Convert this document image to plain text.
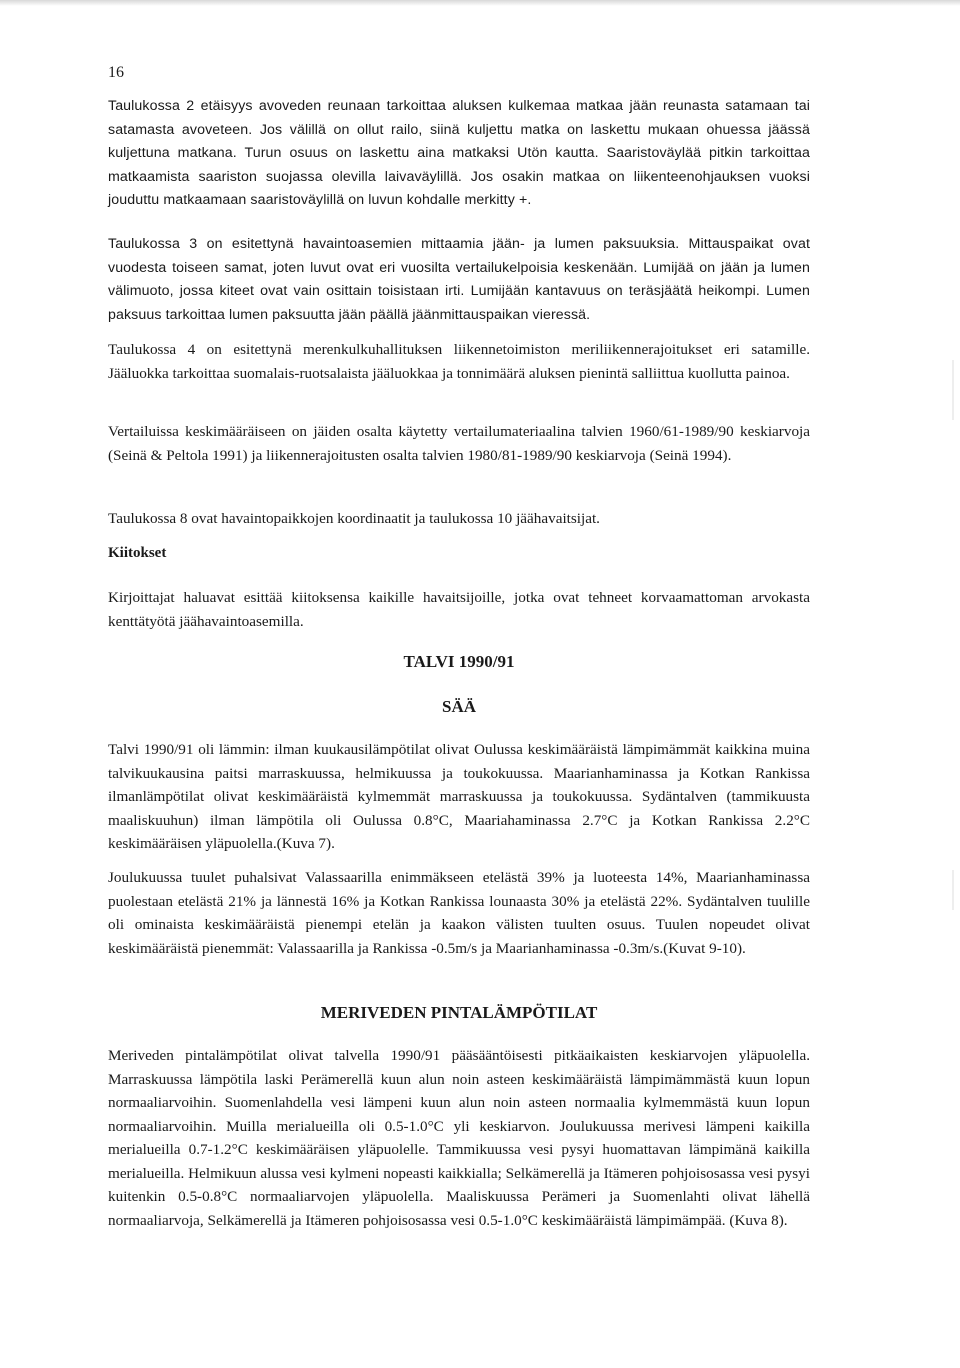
16

Taulukossa 2 etäisyys avoveden reunaan tarkoittaa aluksen kulkemaa matkaa jään reunasta satamaan tai satamasta avoveteen. Jos välillä on ollut railo, siinä kuljettu matka on laskettu mukaan ohuessa jäässä kuljettuna matkana. Turun osuus on laskettu aina matkaksi Utön kautta. Saaristoväylää pitkin tarkoittaa matkaamista saariston suojassa olevilla laivaväylillä. Jos osakin matkaa on liikenteenohjauksen vuoksi jouduttu matkaamaan saaristoväylillä on luvun kohdalle merkitty +.

Taulukossa 3 on esitettynä havaintoasemien mittaamia jään- ja lumen paksuuksia. Mittauspaikat ovat vuodesta toiseen samat, joten luvut ovat eri vuosilta vertailukelpoisia keskenään. Lumijää on jään ja lumen välimuoto, jossa kiteet ovat vain osittain toisistaan irti. Lumijään kantavuus on teräsjäätä heikompi. Lumen paksuus tarkoittaa lumen paksuutta jään päällä jäänmittauspaikan vieressä.

Taulukossa 4 on esitettynä merenkulkuhallituksen liikennetoimiston meriliikennerajoitukset eri satamille. Jääluokka tarkoittaa suomalais-ruotsalaista jääluokkaa ja tonnimäärä aluksen pienintä salliittua kuollutta painoa.

Vertailuissa keskimääräiseen on jäiden osalta käytetty vertailumateriaalina talvien 1960/61-1989/90 keskiarvoja (Seinä & Peltola 1991) ja liikennerajoitusten osalta talvien 1980/81-1989/90 keskiarvoja (Seinä 1994).

Taulukossa 8 ovat havaintopaikkojen koordinaatit ja taulukossa 10 jäähavaitsijat.

Kiitokset

Kirjoittajat haluavat esittää kiitoksensa kaikille havaitsijoille, jotka ovat tehneet korvaamattoman arvokasta kenttätyötä jäähavaintoasemilla.

TALVI 1990/91
SÄÄ

Talvi 1990/91 oli lämmin: ilman kuukausilämpötilat olivat Oulussa keskimääräistä lämpimämmät kaikkina muina talvikuukausina paitsi marraskuussa, helmikuussa ja toukokuussa. Maarianhaminassa ja Kotkan Rankissa ilmanlämpötilat olivat keskimääräistä kylmemmät marraskuussa ja toukokuussa. Sydäntalven (tammikuusta maaliskuuhun) ilman lämpötila oli Oulussa 0.8°C, Maariahaminassa 2.7°C ja Kotkan Rankissa 2.2°C keskimääräisen yläpuolella.(Kuva 7).

Joulukuussa tuulet puhalsivat Valassaarilla enimmäkseen etelästä 39% ja luoteesta 14%, Maarianhaminassa puolestaan etelästä 21% ja lännestä 16% ja Kotkan Rankissa lounaasta 30% ja etelästä 22%. Sydäntalven tuulille oli ominaista keskimääräistä pienempi etelän ja kaakon välisten tuulten osuus. Tuulen nopeudet olivat keskimääräistä pienemmät: Valassaarilla ja Rankissa -0.5m/s ja Maarianhaminassa -0.3m/s.(Kuvat 9-10).

MERIVEDEN PINTALÄMPÖTILAT

Meriveden pintalämpötilat olivat talvella 1990/91 pääsääntöisesti pitkäaikaisten keskiarvojen yläpuolella. Marraskuussa lämpötila laski Perämerellä kuun alun noin asteen keskimääräistä lämpimämmästä kuun lopun normaaliarvoihin. Suomenlahdella vesi lämpeni kuun alun noin asteen normaalia kylmemmästä kuun lopun normaaliarvoihin. Muilla merialueilla oli 0.5-1.0°C yli keskiarvon. Joulukuussa merivesi lämpeni kaikilla merialueilla 0.7-1.2°C keskimääräisen yläpuolelle. Tammikuussa vesi pysyi huomattavan lämpimänä kaikilla merialueilla. Helmikuun alussa vesi kylmeni nopeasti kaikkialla; Selkämerellä ja Itämeren pohjoisosassa vesi pysyi kuitenkin 0.5-0.8°C normaaliarvojen yläpuolella. Maaliskuussa Perämeri ja Suomenlahti olivat lähellä normaaliarvoja, Selkämerellä ja Itämeren pohjoisosassa vesi 0.5-1.0°C keskimääräistä lämpimämpää. (Kuva 8).
